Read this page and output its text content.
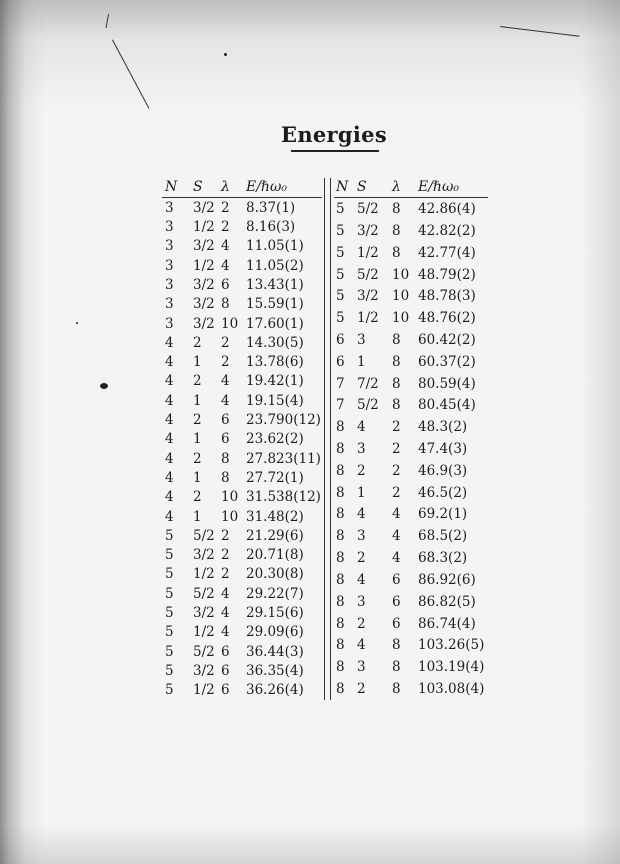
Energies
N	S	λ	E/ℏω₀
3	3/2	2	8.37(1)
3	1/2	2	8.16(3)
3	3/2	4	11.05(1)
3	1/2	4	11.05(2)
3	3/2	6	13.43(1)
3	3/2	8	15.59(1)
3	3/2	10	17.60(1)
4	2	2	14.30(5)
4	1	2	13.78(6)
4	2	4	19.42(1)
4	1	4	19.15(4)
4	2	6	23.790(12)
4	1	6	23.62(2)
4	2	8	27.823(11)
4	1	8	27.72(1)
4	2	10	31.538(12)
4	1	10	31.48(2)
5	5/2	2	21.29(6)
5	3/2	2	20.71(8)
5	1/2	2	20.30(8)
5	5/2	4	29.22(7)
5	3/2	4	29.15(6)
5	1/2	4	29.09(6)
5	5/2	6	36.44(3)
5	3/2	6	36.35(4)
5	1/2	6	36.26(4)
N	S	λ	E/ℏω₀
5	5/2	8	42.86(4)
5	3/2	8	42.82(2)
5	1/2	8	42.77(4)
5	5/2	10	48.79(2)
5	3/2	10	48.78(3)
5	1/2	10	48.76(2)
6	3	8	60.42(2)
6	1	8	60.37(2)
7	7/2	8	80.59(4)
7	5/2	8	80.45(4)
8	4	2	48.3(2)
8	3	2	47.4(3)
8	2	2	46.9(3)
8	1	2	46.5(2)
8	4	4	69.2(1)
8	3	4	68.5(2)
8	2	4	68.3(2)
8	4	6	86.92(6)
8	3	6	86.82(5)
8	2	6	86.74(4)
8	4	8	103.26(5)
8	3	8	103.19(4)
8	2	8	103.08(4)
